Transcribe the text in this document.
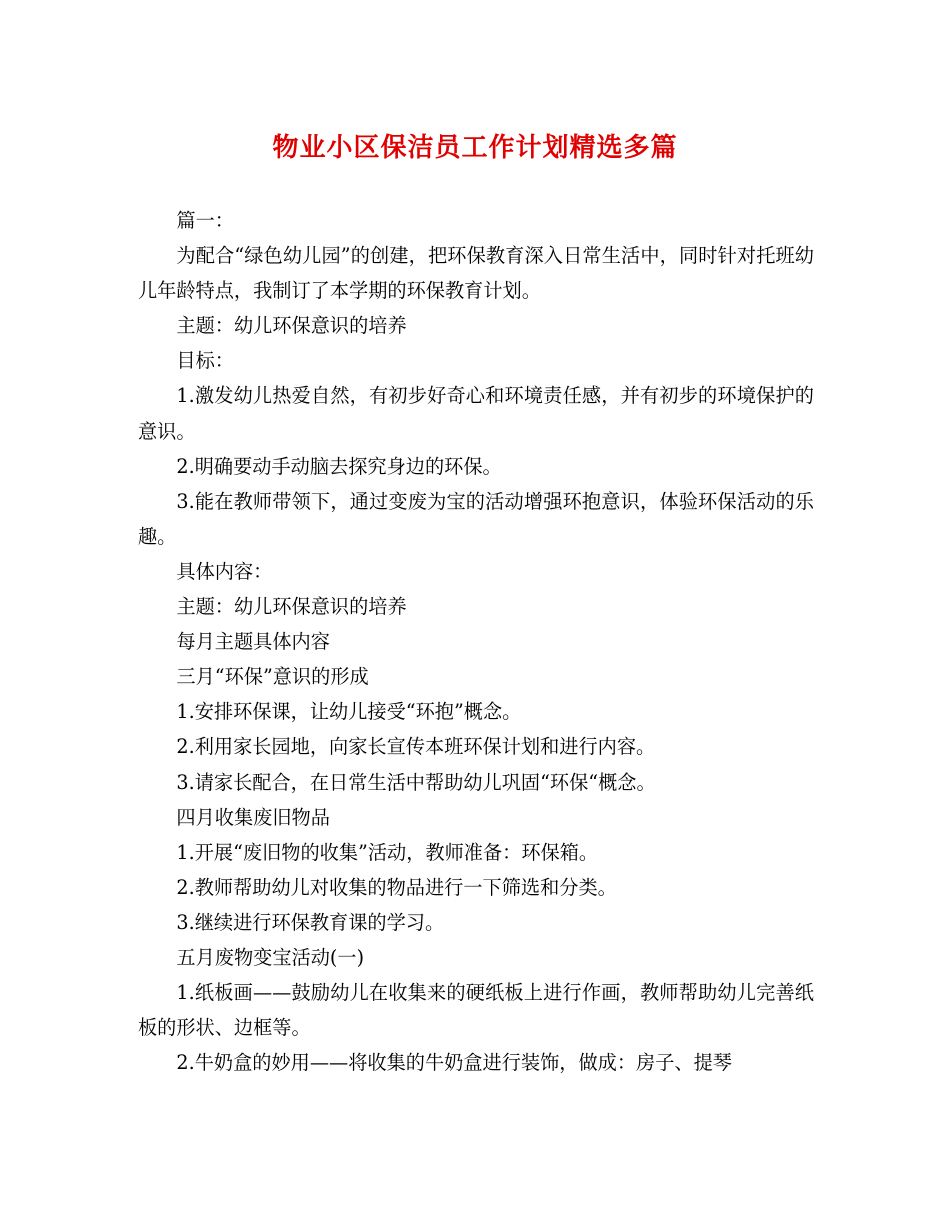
物业小区保洁员工作计划精选多篇

篇一：

为配合“绿色幼儿园”的创建，把环保教育深入日常生活中，同时针对托班幼儿年龄特点，我制订了本学期的环保教育计划。

主题：幼儿环保意识的培养

目标：

1.激发幼儿热爱自然，有初步好奇心和环境责任感，并有初步的环境保护的意识。

2.明确要动手动脑去探究身边的环保。

3.能在教师带领下，通过变废为宝的活动增强环抱意识，体验环保活动的乐趣。

具体内容：

主题：幼儿环保意识的培养

每月主题具体内容

三月“环保”意识的形成

1.安排环保课，让幼儿接受“环抱”概念。

2.利用家长园地，向家长宣传本班环保计划和进行内容。

3.请家长配合，在日常生活中帮助幼儿巩固“环保“概念。

四月收集废旧物品

1.开展“废旧物的收集”活动，教师准备：环保箱。

2.教师帮助幼儿对收集的物品进行一下筛选和分类。

3.继续进行环保教育课的学习。

五月废物变宝活动(一)

1.纸板画——鼓励幼儿在收集来的硬纸板上进行作画，教师帮助幼儿完善纸板的形状、边框等。

2.牛奶盒的妙用——将收集的牛奶盒进行装饰，做成：房子、提琴
